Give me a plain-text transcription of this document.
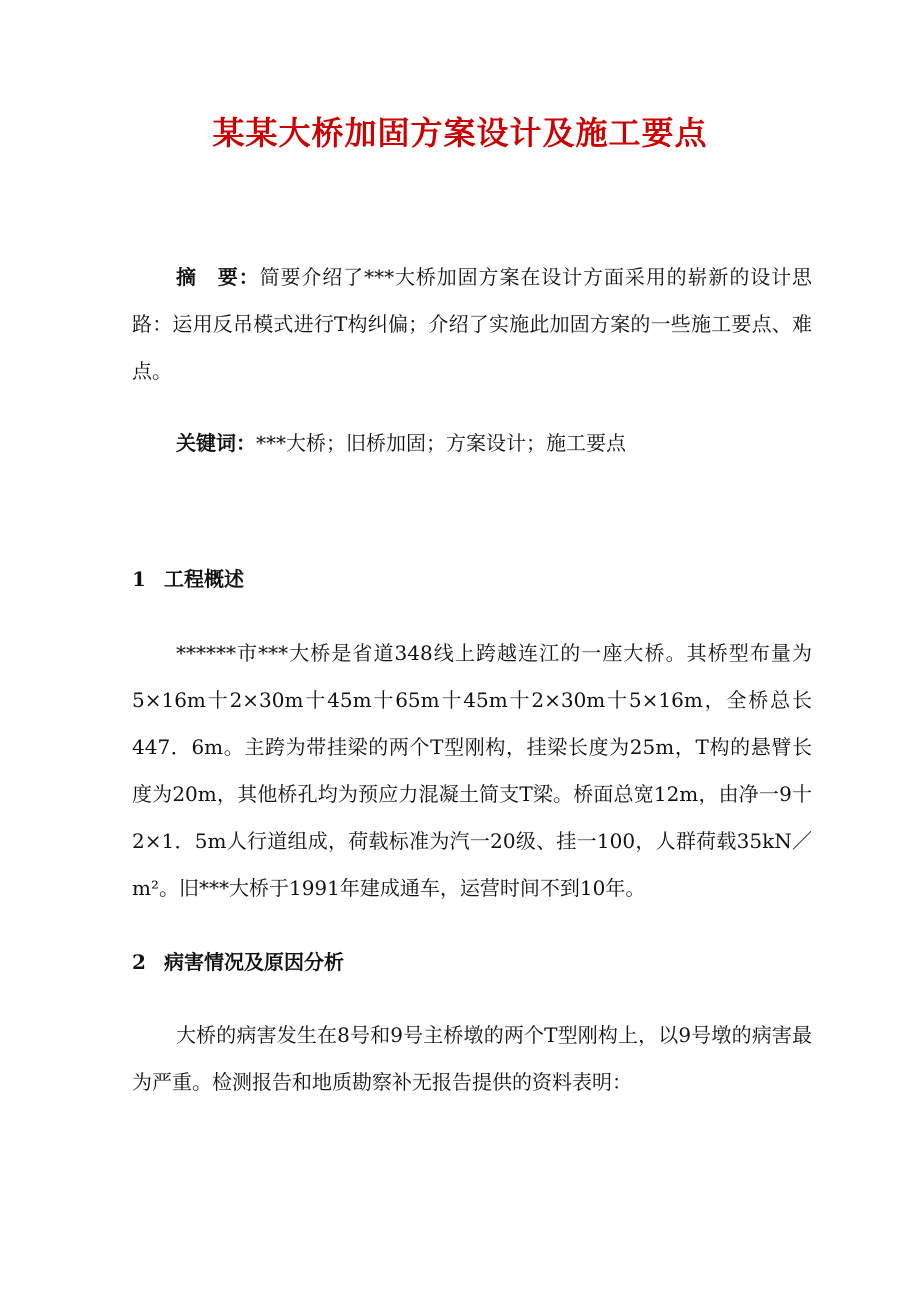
某某大桥加固方案设计及施工要点

摘　要：简要介绍了***大桥加固方案在设计方面采用的崭新的设计思路：运用反吊模式进行T构纠偏；介绍了实施此加固方案的一些施工要点、难点。

关键词：***大桥；旧桥加固；方案设计；施工要点

1 工程概述

******市***大桥是省道348线上跨越连江的一座大桥。其桥型布量为5×16m十2×30m十45m十65m十45m十2×30m十5×16m，全桥总长447．6m。主跨为带挂梁的两个T型刚构，挂梁长度为25m，T构的悬臂长度为20m，其他桥孔均为预应力混凝土简支T梁。桥面总宽12m，由净一9十2×1．5m人行道组成，荷载标准为汽一20级、挂一100，人群荷载35kN／m²。旧***大桥于1991年建成通车，运营时间不到10年。

2 病害情况及原因分析

大桥的病害发生在8号和9号主桥墩的两个T型刚构上，以9号墩的病害最为严重。检测报告和地质勘察补无报告提供的资料表明：
